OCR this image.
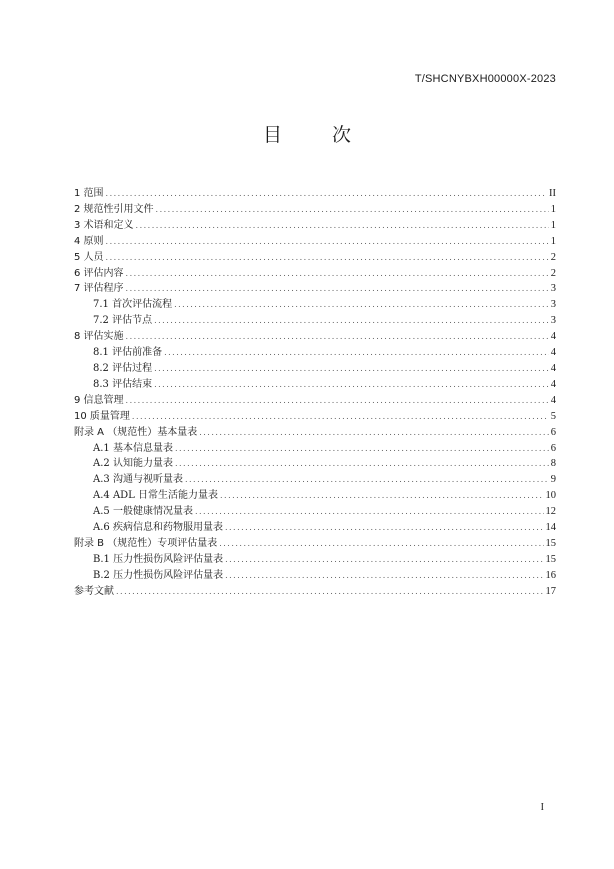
T/SHCNYBXH00000X-2023
目 次
1 范围 .....	II
2 规范性引用文件 .....	1
3 术语和定义 .....	1
4 原则 .....	1
5 人员 .....	2
6 评估内容 .....	2
7 评估程序 .....	3
7.1 首次评估流程 .....	3
7.2 评估节点 .....	3
8 评估实施 .....	4
8.1 评估前准备 .....	4
8.2 评估过程 .....	4
8.3 评估结束 .....	4
9 信息管理 .....	4
10 质量管理 .....	5
附录 A （规范性）基本量表 .....	6
A.1 基本信息量表 .....	6
A.2 认知能力量表 .....	8
A.3 沟通与视听量表 .....	9
A.4 ADL 日常生活能力量表 .....	10
A.5 一般健康情况量表 .....	12
A.6 疾病信息和药物服用量表 .....	14
附录 B （规范性）专项评估量表 .....	15
B.1 压力性损伤风险评估量表 .....	15
B.2 压力性损伤风险评估量表 .....	16
参考文献 .....	17
I
